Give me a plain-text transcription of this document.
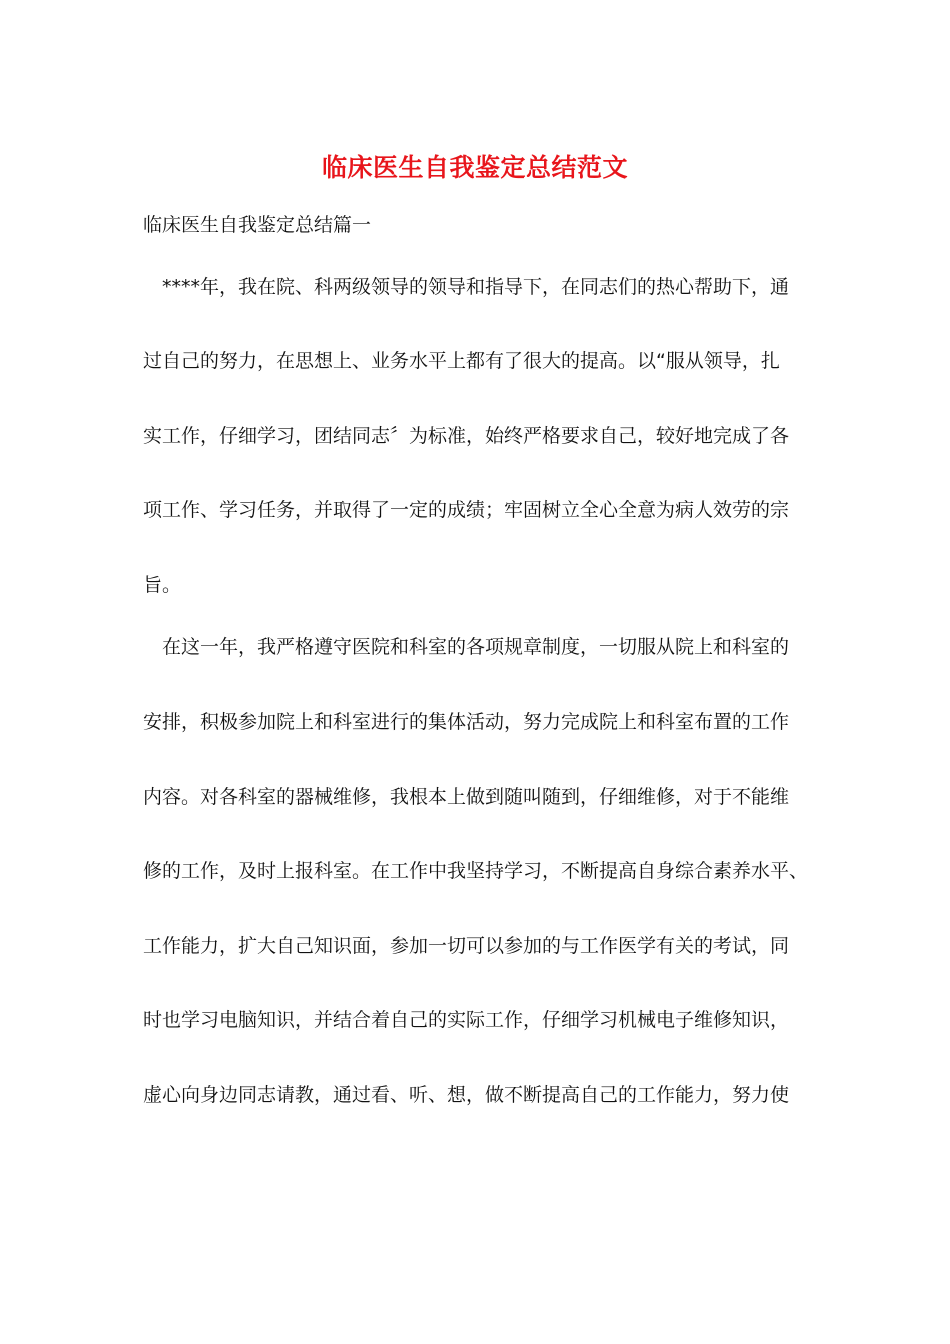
临床医生自我鉴定总结范文
临床医生自我鉴定总结篇一
　****年，我在院、科两级领导的领导和指导下，在同志们的热心帮助下，通
过自己的努力，在思想上、业务水平上都有了很大的提高。以“服从领导，扎
实工作，仔细学习，团结同志〞为标准，始终严格要求自己，较好地完成了各
项工作、学习任务，并取得了一定的成绩；牢固树立全心全意为病人效劳的宗
旨。
　在这一年，我严格遵守医院和科室的各项规章制度，一切服从院上和科室的
安排，积极参加院上和科室进行的集体活动，努力完成院上和科室布置的工作
内容。对各科室的器械维修，我根本上做到随叫随到，仔细维修，对于不能维
修的工作，及时上报科室。在工作中我坚持学习，不断提高自身综合素养水平、
工作能力，扩大自己知识面，参加一切可以参加的与工作医学有关的考试，同
时也学习电脑知识，并结合着自己的实际工作，仔细学习机械电子维修知识，
虚心向身边同志请教，通过看、听、想，做不断提高自己的工作能力，努力使
